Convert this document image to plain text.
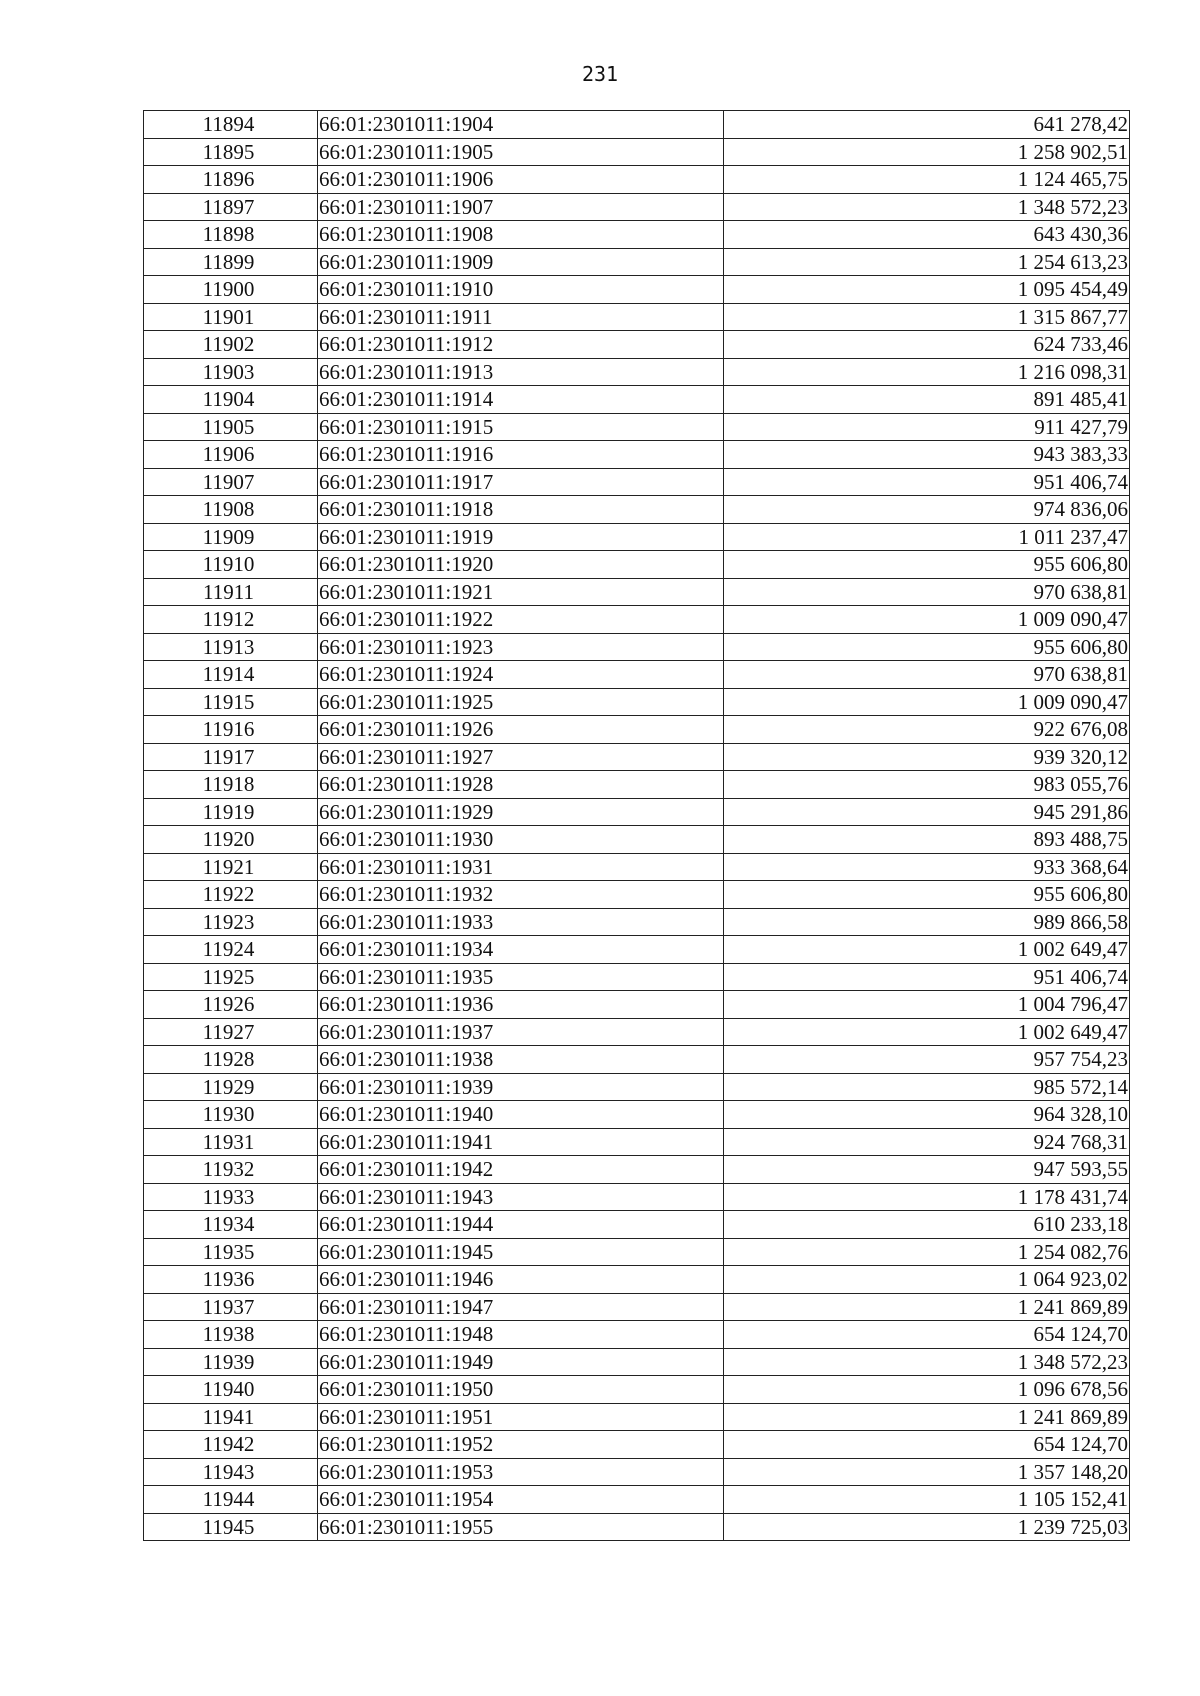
231
11894	66:01:2301011:1904	641 278,42
11895	66:01:2301011:1905	1 258 902,51
11896	66:01:2301011:1906	1 124 465,75
11897	66:01:2301011:1907	1 348 572,23
11898	66:01:2301011:1908	643 430,36
11899	66:01:2301011:1909	1 254 613,23
11900	66:01:2301011:1910	1 095 454,49
11901	66:01:2301011:1911	1 315 867,77
11902	66:01:2301011:1912	624 733,46
11903	66:01:2301011:1913	1 216 098,31
11904	66:01:2301011:1914	891 485,41
11905	66:01:2301011:1915	911 427,79
11906	66:01:2301011:1916	943 383,33
11907	66:01:2301011:1917	951 406,74
11908	66:01:2301011:1918	974 836,06
11909	66:01:2301011:1919	1 011 237,47
11910	66:01:2301011:1920	955 606,80
11911	66:01:2301011:1921	970 638,81
11912	66:01:2301011:1922	1 009 090,47
11913	66:01:2301011:1923	955 606,80
11914	66:01:2301011:1924	970 638,81
11915	66:01:2301011:1925	1 009 090,47
11916	66:01:2301011:1926	922 676,08
11917	66:01:2301011:1927	939 320,12
11918	66:01:2301011:1928	983 055,76
11919	66:01:2301011:1929	945 291,86
11920	66:01:2301011:1930	893 488,75
11921	66:01:2301011:1931	933 368,64
11922	66:01:2301011:1932	955 606,80
11923	66:01:2301011:1933	989 866,58
11924	66:01:2301011:1934	1 002 649,47
11925	66:01:2301011:1935	951 406,74
11926	66:01:2301011:1936	1 004 796,47
11927	66:01:2301011:1937	1 002 649,47
11928	66:01:2301011:1938	957 754,23
11929	66:01:2301011:1939	985 572,14
11930	66:01:2301011:1940	964 328,10
11931	66:01:2301011:1941	924 768,31
11932	66:01:2301011:1942	947 593,55
11933	66:01:2301011:1943	1 178 431,74
11934	66:01:2301011:1944	610 233,18
11935	66:01:2301011:1945	1 254 082,76
11936	66:01:2301011:1946	1 064 923,02
11937	66:01:2301011:1947	1 241 869,89
11938	66:01:2301011:1948	654 124,70
11939	66:01:2301011:1949	1 348 572,23
11940	66:01:2301011:1950	1 096 678,56
11941	66:01:2301011:1951	1 241 869,89
11942	66:01:2301011:1952	654 124,70
11943	66:01:2301011:1953	1 357 148,20
11944	66:01:2301011:1954	1 105 152,41
11945	66:01:2301011:1955	1 239 725,03
